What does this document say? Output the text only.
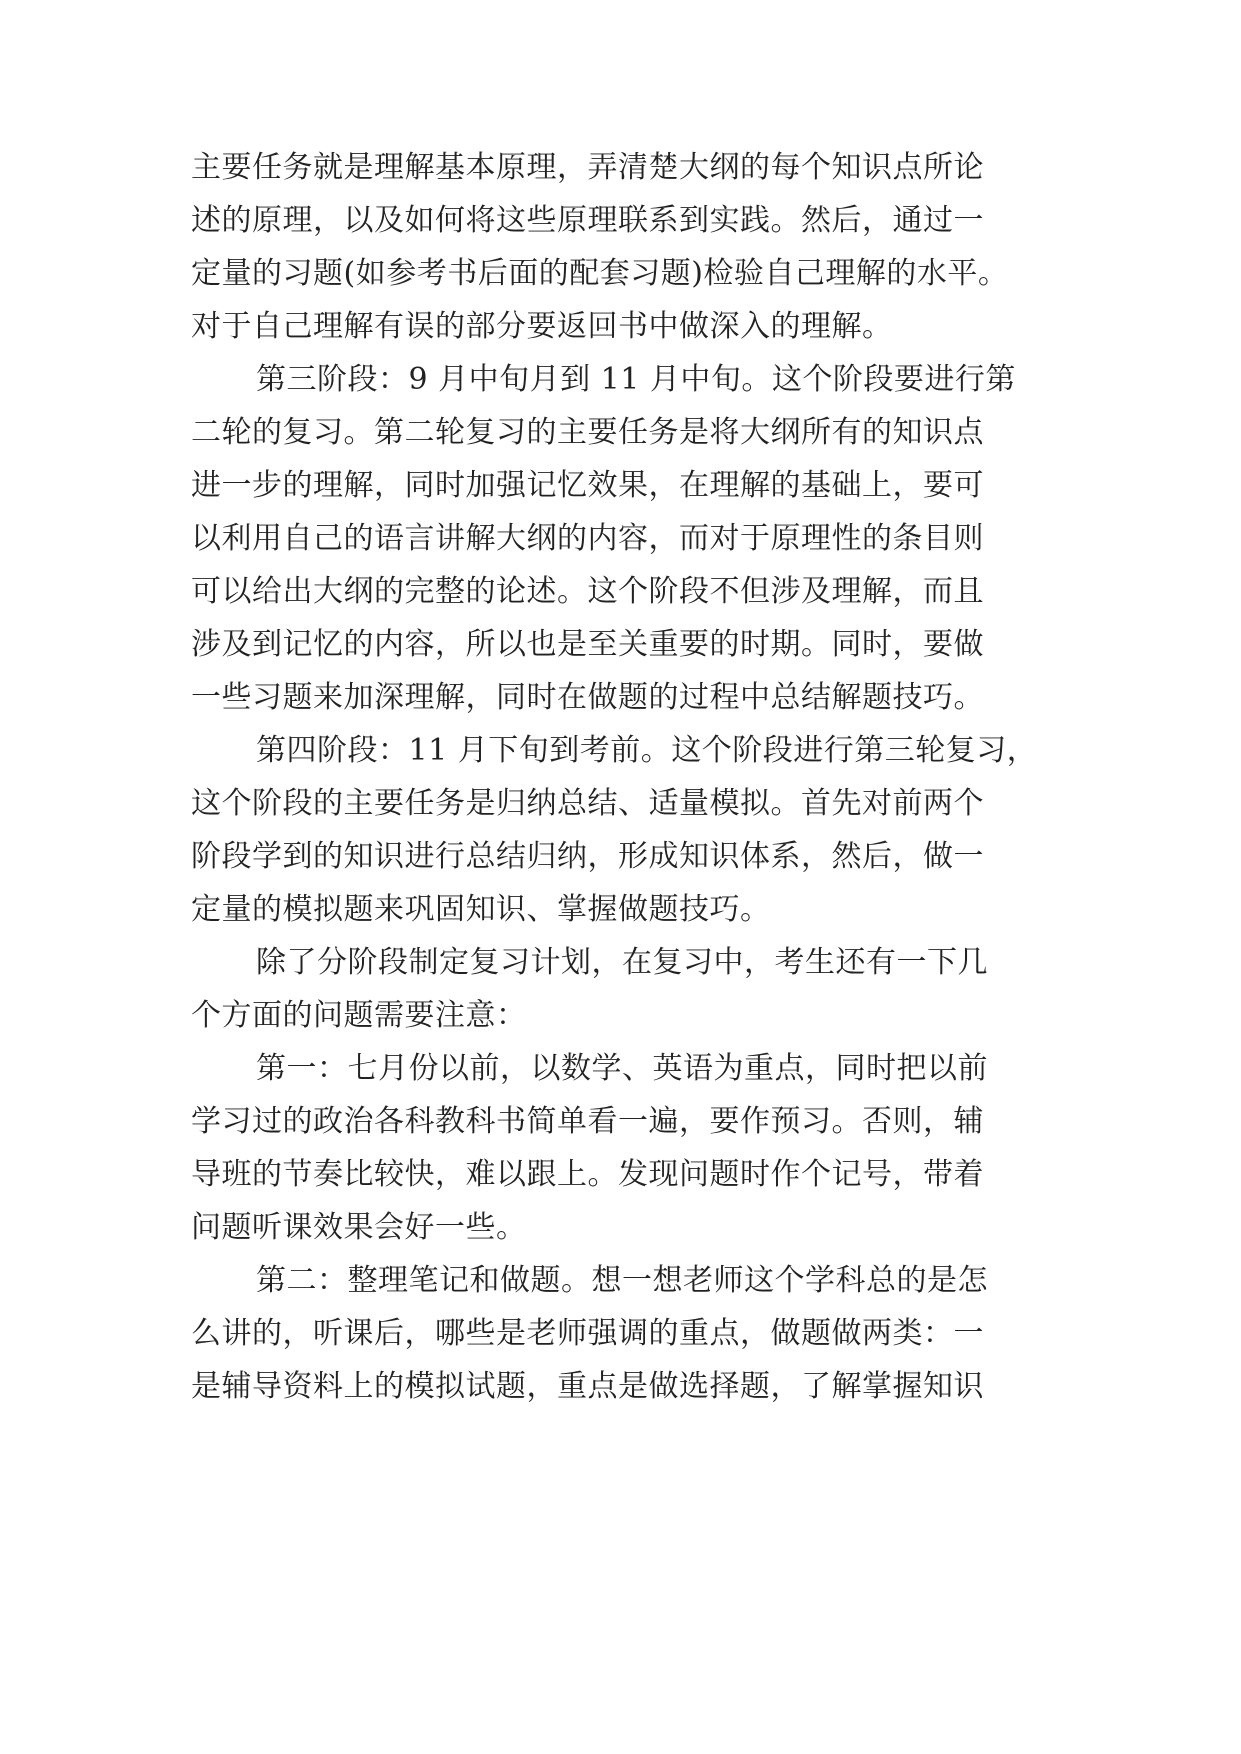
主要任务就是理解基本原理，弄清楚大纲的每个知识点所论
述的原理，以及如何将这些原理联系到实践。然后，通过一
定量的习题(如参考书后面的配套习题)检验自己理解的水平。
对于自己理解有误的部分要返回书中做深入的理解。
第三阶段：9 月中旬月到 11 月中旬。这个阶段要进行第
二轮的复习。第二轮复习的主要任务是将大纲所有的知识点
进一步的理解，同时加强记忆效果，在理解的基础上，要可
以利用自己的语言讲解大纲的内容，而对于原理性的条目则
可以给出大纲的完整的论述。这个阶段不但涉及理解，而且
涉及到记忆的内容，所以也是至关重要的时期。同时，要做
一些习题来加深理解，同时在做题的过程中总结解题技巧。
第四阶段：11 月下旬到考前。这个阶段进行第三轮复习，
这个阶段的主要任务是归纳总结、适量模拟。首先对前两个
阶段学到的知识进行总结归纳，形成知识体系，然后，做一
定量的模拟题来巩固知识、掌握做题技巧。
除了分阶段制定复习计划，在复习中，考生还有一下几
个方面的问题需要注意：
第一：七月份以前，以数学、英语为重点，同时把以前
学习过的政治各科教科书简单看一遍，要作预习。否则，辅
导班的节奏比较快，难以跟上。发现问题时作个记号，带着
问题听课效果会好一些。
第二：整理笔记和做题。想一想老师这个学科总的是怎
么讲的，听课后，哪些是老师强调的重点，做题做两类：一
是辅导资料上的模拟试题，重点是做选择题，了解掌握知识
